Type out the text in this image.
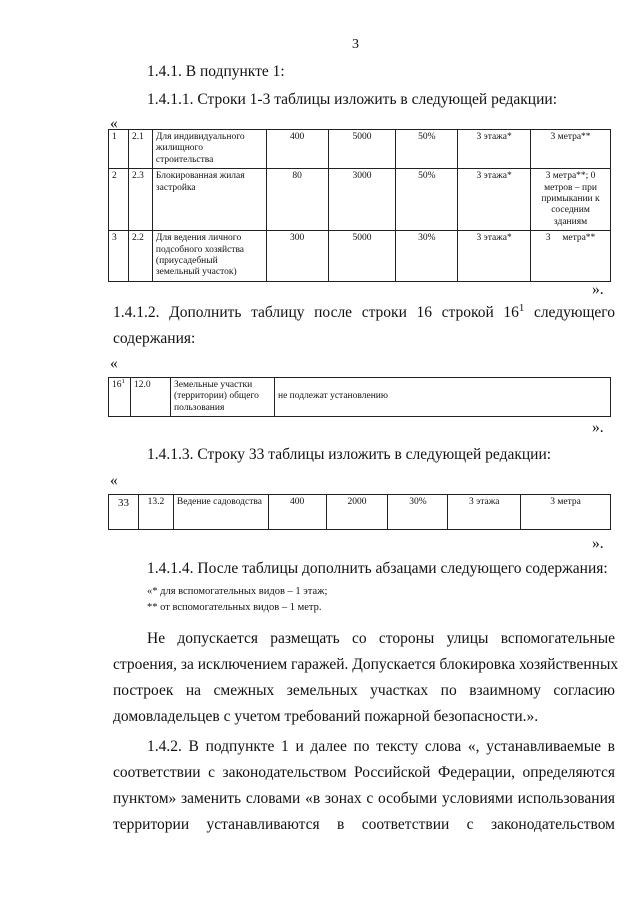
3
1.4.1. В подпункте 1:
1.4.1.1. Строки 1-3 таблицы изложить в следующей редакции:
«
1	2.1	Для индивидуального жилищного строительства	400	5000	50%	3 этажа*	3 метра**
2	2.3	Блокированная жилая застройка	80	3000	50%	3 этажа*	3 метра**; 0 метров – при примыкании к соседним зданиям
3	2.2	Для ведения личного подсобного хозяйства (приусадебный земельный участок)	300	5000	30%	3 этажа*	3     метра**
».
1.4.1.2. Дополнить таблицу после строки 16 строкой $16^1$ следующего
содержания:
«
$16^1$	12.0	Земельные участки (территории) общего пользования	не подлежат установлению
».
1.4.1.3. Строку 33 таблицы изложить в следующей редакции:
«
33	13.2	Ведение садоводства	400	2000	30%	3 этажа	3 метра
».
1.4.1.4. После таблицы дополнить абзацами следующего содержания:
«* для вспомогательных видов – 1 этаж;
** от вспомогательных видов – 1 метр.
Не допускается размещать со стороны улицы вспомогательные
строения, за исключением гаражей. Допускается блокировка хозяйственных
построек на смежных земельных участках по взаимному согласию
домовладельцев с учетом требований пожарной безопасности.».
1.4.2. В подпункте 1 и далее по тексту слова «, устанавливаемые в
соответствии с законодательством Российской Федерации, определяются
пунктом» заменить словами «в зонах с особыми условиями использования
территории устанавливаются в соответствии с законодательством
